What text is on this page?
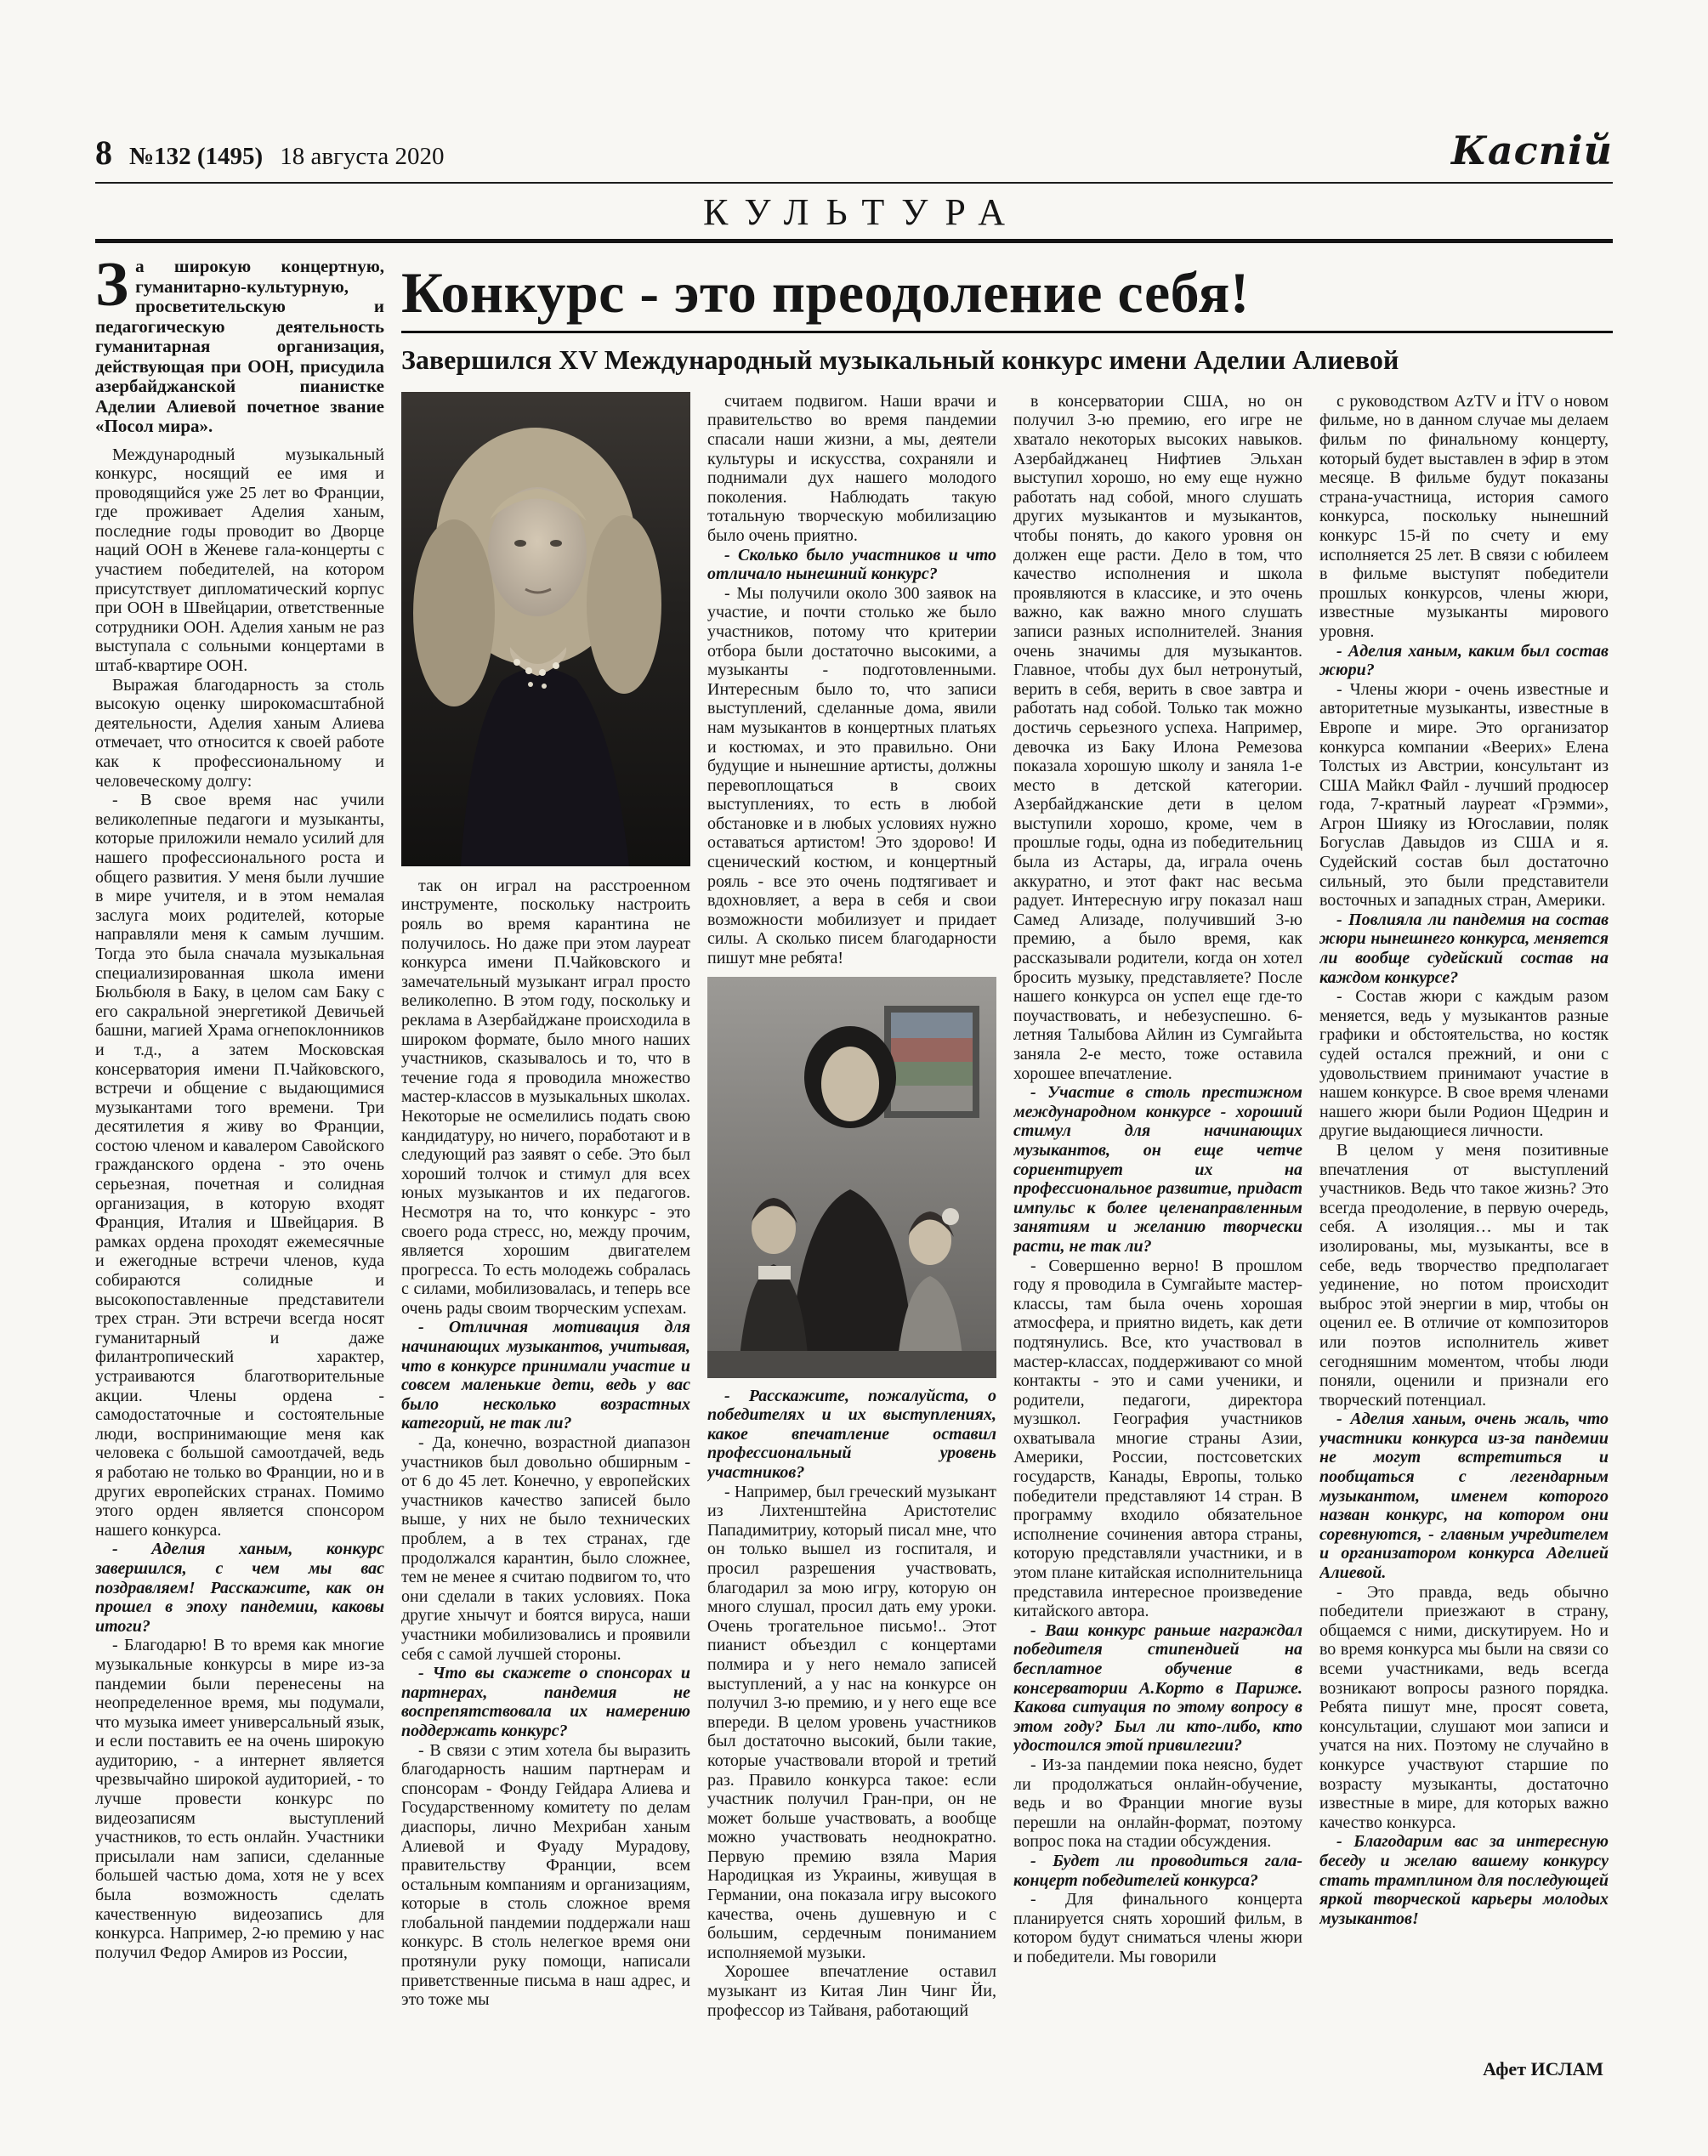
8 №132 (1495) 18 августа 2020	Каспій
КУЛЬТУРА

За широкую концертную, гуманитарно-культурную, просветительскую и педагогическую деятельность гуманитарная организация, действующая при ООН, присудила азербайджанской пианистке Аделии Алиевой почетное звание «Посол мира».

Международный музыкальный конкурс, носящий ее имя и проводящийся уже 25 лет во Франции, где проживает Аделия ханым, последние годы проводит во Дворце наций ООН в Женеве гала-концерты с участием победителей, на котором присутствует дипломатический корпус при ООН в Швейцарии, ответственные сотрудники ООН. Аделия ханым не раз выступала с сольными концертами в штаб-квартире ООН.

Выражая благодарность за столь высокую оценку широкомасштабной деятельности, Аделия ханым Алиева отмечает, что относится к своей работе как к профессиональному и человеческому долгу:

- В свое время нас учили великолепные педагоги и музыканты, которые приложили немало усилий для нашего профессионального роста и общего развития. У меня были лучшие в мире учителя, и в этом немалая заслуга моих родителей, которые направляли меня к самым лучшим. Тогда это была сначала музыкальная специализированная школа имени Бюльбюля в Баку, в целом сам Баку с его сакральной энергетикой Девичьей башни, магией Храма огнепоклонников и т.д., а затем Московская консерватория имени П.Чайковского, встречи и общение с выдающимися музыкантами того времени. Три десятилетия я живу во Франции, состою членом и кавалером Савойского гражданского ордена - это очень серьезная, почетная и солидная организация, в которую входят Франция, Италия и Швейцария. В рамках ордена проходят ежемесячные и ежегодные встречи членов, куда собираются солидные и высокопоставленные представители трех стран. Эти встречи всегда носят гуманитарный и даже филантропический характер, устраиваются благотворительные акции. Члены ордена - самодостаточные и состоятельные люди, воспринимающие меня как человека с большой самоотдачей, ведь я работаю не только во Франции, но и в других европейских странах. Помимо этого орден является спонсором нашего конкурса.

- Аделия ханым, конкурс завершился, с чем мы вас поздравляем! Расскажите, как он прошел в эпоху пандемии, каковы итоги?

- Благодарю! В то время как многие музыкальные конкурсы в мире из-за пандемии были перенесены на неопределенное время, мы подумали, что музыка имеет универсальный язык, и если поставить ее на очень широкую аудиторию, - а интернет является чрезвычайно широкой аудиторией, - то лучше провести конкурс по видеозаписям выступлений участников, то есть онлайн. Участники присылали нам записи, сделанные большей частью дома, хотя не у всех была возможность сделать качественную видеозапись для конкурса. Например, 2-ю премию у нас получил Федор Амиров из России,

Конкурс - это преодоление себя!
Завершился XV Международный музыкальный конкурс имени Аделии Алиевой

так он играл на расстроенном инструменте, поскольку настроить рояль во время карантина не получилось. Но даже при этом лауреат конкурса имени П.Чайковского и замечательный музыкант играл просто великолепно. В этом году, поскольку и реклама в Азербайджане происходила в широком формате, было много наших участников, сказывалось и то, что в течение года я проводила множество мастер-классов в музыкальных школах. Некоторые не осмелились подать свою кандидатуру, но ничего, поработают и в следующий раз заявят о себе. Это был хороший толчок и стимул для всех юных музыкантов и их педагогов. Несмотря на то, что конкурс - это своего рода стресс, но, между прочим, является хорошим двигателем прогресса. То есть молодежь собралась с силами, мобилизовалась, и теперь все очень рады своим творческим успехам.

- Отличная мотивация для начинающих музыкантов, учитывая, что в конкурсе принимали участие и совсем маленькие дети, ведь у вас было несколько возрастных категорий, не так ли?

- Да, конечно, возрастной диапазон участников был довольно обширным - от 6 до 45 лет. Конечно, у европейских участников качество записей было выше, у них не было технических проблем, а в тех странах, где продолжался карантин, было сложнее, тем не менее я считаю подвигом то, что они сделали в таких условиях. Пока другие хнычут и боятся вируса, наши участники мобилизовались и проявили себя с самой лучшей стороны.

- Что вы скажете о спонсорах и партнерах, пандемия не воспрепятствовала их намерению поддержать конкурс?

- В связи с этим хотела бы выразить благодарность нашим партнерам и спонсорам - Фонду Гейдара Алиева и Государственному комитету по делам диаспоры, лично Мехрибан ханым Алиевой и Фуаду Мурадову, правительству Франции, всем остальным компаниям и организациям, которые в столь сложное время глобальной пандемии поддержали наш конкурс. В столь нелегкое время они протянули руку помощи, написали приветственные письма в наш адрес, и это тоже мы

считаем подвигом. Наши врачи и правительство во время пандемии спасали наши жизни, а мы, деятели культуры и искусства, сохраняли и поднимали дух нашего молодого поколения. Наблюдать такую тотальную творческую мобилизацию было очень приятно.

- Сколько было участников и что отличало нынешний конкурс?

- Мы получили около 300 заявок на участие, и почти столько же было участников, потому что критерии отбора были достаточно высокими, а музыканты - подготовленными. Интересным было то, что записи выступлений, сделанные дома, явили нам музыкантов в концертных платьях и костюмах, и это правильно. Они будущие и нынешние артисты, должны перевоплощаться в своих выступлениях, то есть в любой обстановке и в любых условиях нужно оставаться артистом! Это здорово! И сценический костюм, и концертный рояль - все это очень подтягивает и вдохновляет, а вера в себя и свои возможности мобилизует и придает силы. А сколько писем благодарности пишут мне ребята!

- Расскажите, пожалуйста, о победителях и их выступлениях, какое впечатление оставил профессиональный уровень участников?

- Например, был греческий музыкант из Лихтенштейна Аристотелис Пападимитриу, который писал мне, что он только вышел из госпиталя, и просил разрешения участвовать, благодарил за мою игру, которую он много слушал, просил дать ему уроки. Очень трогательное письмо!.. Этот пианист объездил с концертами полмира и у него немало записей выступлений, а у нас на конкурсе он получил 3-ю премию, и у него еще все впереди. В целом уровень участников был достаточно высокий, были такие, которые участвовали второй и третий раз. Правило конкурса такое: если участник получил Гран-при, он не может больше участвовать, а вообще можно участвовать неоднократно. Первую премию взяла Мария Народицкая из Украины, живущая в Германии, она показала игру высокого качества, очень душевную и с большим, сердечным пониманием исполняемой музыки.

Хорошее впечатление оставил музыкант из Китая Лин Чинг Йи, профессор из Тайваня, работающий

в консерватории США, но он получил 3-ю премию, его игре не хватало некоторых высоких навыков. Азербайджанец Нифтиев Эльхан выступил хорошо, но ему еще нужно работать над собой, много слушать других музыкантов и музыкантов, чтобы понять, до какого уровня он должен еще расти. Дело в том, что качество исполнения и школа проявляются в классике, и это очень важно, как важно много слушать записи разных исполнителей. Знания очень значимы для музыкантов. Главное, чтобы дух был нетронутый, верить в себя, верить в свое завтра и работать над собой. Только так можно достичь серьезного успеха. Например, девочка из Баку Илона Ремезова показала хорошую школу и заняла 1-е место в детской категории. Азербайджанские дети в целом выступили хорошо, кроме, чем в прошлые годы, одна из победительниц была из Астары, да, играла очень аккуратно, и этот факт нас весьма радует. Интересную игру показал наш Самед Ализаде, получивший 3-ю премию, а было время, как рассказывали родители, когда он хотел бросить музыку, представляете? После нашего конкурса он успел еще где-то поучаствовать, и небезуспешно. 6-летняя Талыбова Айлин из Сумгайыта заняла 2-е место, тоже оставила хорошее впечатление.

- Участие в столь престижном международном конкурсе - хороший стимул для начинающих музыкантов, он еще четче сориентирует их на профессиональное развитие, придаст импульс к более целенаправленным занятиям и желанию творчески расти, не так ли?

- Совершенно верно! В прошлом году я проводила в Сумгайыте мастер-классы, там была очень хорошая атмосфера, и приятно видеть, как дети подтянулись. Все, кто участвовал в мастер-классах, поддерживают со мной контакты - это и сами ученики, и родители, педагоги, директора музшкол. География участников охватывала многие страны Азии, Америки, России, постсоветских государств, Канады, Европы, только победители представляют 14 стран. В программу входило обязательное исполнение сочинения автора страны, которую представляли участники, и в этом плане китайская исполнительница представила интересное произведение китайского автора.

- Ваш конкурс раньше награждал победителя стипендией на бесплатное обучение в консерватории А.Корто в Париже. Какова ситуация по этому вопросу в этом году? Был ли кто-либо, кто удостоился этой привилегии?

- Из-за пандемии пока неясно, будет ли продолжаться онлайн-обучение, ведь и во Франции многие вузы перешли на онлайн-формат, поэтому вопрос пока на стадии обсуждения.

- Будет ли проводиться гала-концерт победителей конкурса?

- Для финального концерта планируется снять хороший фильм, в котором будут сниматься члены жюри и победители. Мы говорили

с руководством AzTV и İTV о новом фильме, но в данном случае мы делаем фильм по финальному концерту, который будет выставлен в эфир в этом месяце. В фильме будут показаны страна-участница, история самого конкурса, поскольку нынешний конкурс 15-й по счету и ему исполняется 25 лет. В связи с юбилеем в фильме выступят победители прошлых конкурсов, члены жюри, известные музыканты мирового уровня.

- Аделия ханым, каким был состав жюри?

- Члены жюри - очень известные и авторитетные музыканты, известные в Европе и мире. Это организатор конкурса компании «Веерих» Елена Толстых из Австрии, консультант из США Майкл Файл - лучший продюсер года, 7-кратный лауреат «Грэмми», Агрон Шияку из Югославии, поляк Богуслав Давыдов из США и я. Судейский состав был достаточно сильный, это были представители восточных и западных стран, Америки.

- Повлияла ли пандемия на состав жюри нынешнего конкурса, меняется ли вообще судейский состав на каждом конкурсе?

- Состав жюри с каждым разом меняется, ведь у музыкантов разные графики и обстоятельства, но костяк судей остался прежний, и они с удовольствием принимают участие в нашем конкурсе. В свое время членами нашего жюри были Родион Щедрин и другие выдающиеся личности.

В целом у меня позитивные впечатления от выступлений участников. Ведь что такое жизнь? Это всегда преодоление, в первую очередь, себя. А изоляция… мы и так изолированы, мы, музыканты, все в себе, ведь творчество предполагает уединение, но потом происходит выброс этой энергии в мир, чтобы он оценил ее. В отличие от композиторов или поэтов исполнитель живет сегодняшним моментом, чтобы люди поняли, оценили и признали его творческий потенциал.

- Аделия ханым, очень жаль, что участники конкурса из-за пандемии не могут встретиться и пообщаться с легендарным музыкантом, именем которого назван конкурс, на котором они соревнуются, - главным учредителем и организатором конкурса Аделией Алиевой.

- Это правда, ведь обычно победители приезжают в страну, общаемся с ними, дискутируем. Но и во время конкурса мы были на связи со всеми участниками, ведь всегда возникают вопросы разного порядка. Ребята пишут мне, просят совета, консультации, слушают мои записи и учатся на них. Поэтому не случайно в конкурсе участвуют старшие по возрасту музыканты, достаточно известные в мире, для которых важно качество конкурса.

- Благодарим вас за интересную беседу и желаю вашему конкурсу стать трамплином для последующей яркой творческой карьеры молодых музыкантов!

Афет ИСЛАМ
